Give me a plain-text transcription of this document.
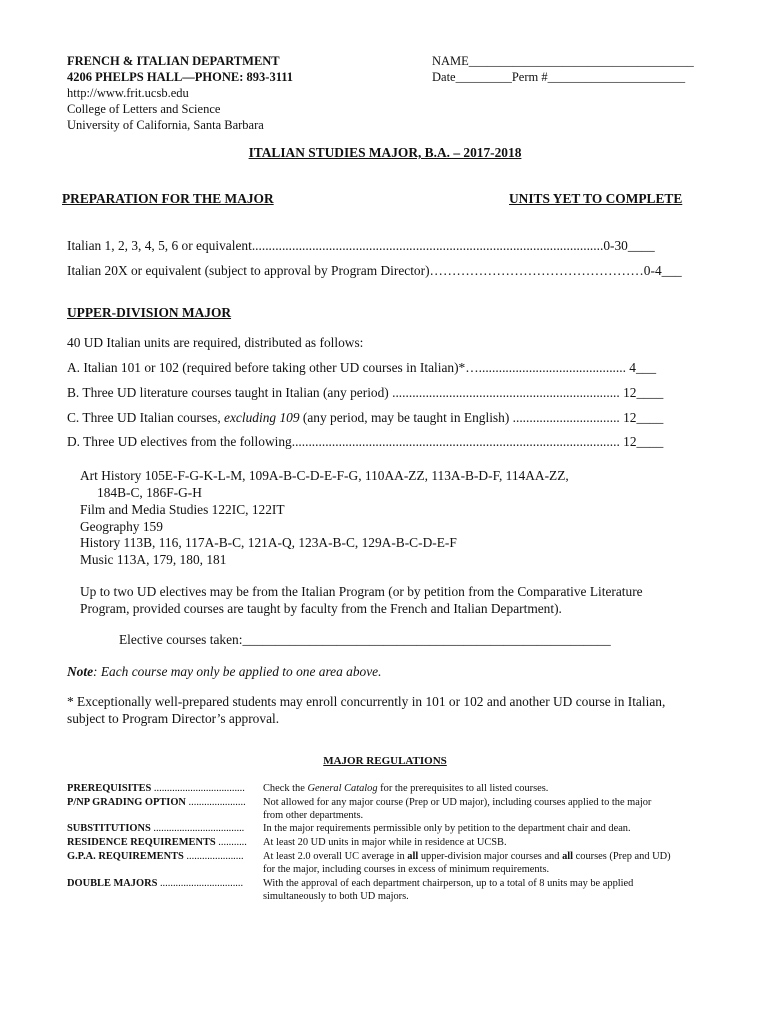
FRENCH & ITALIAN DEPARTMENT
4206 PHELPS HALL—PHONE: 893-3111
http://www.frit.ucsb.edu
College of Letters and Science
University of California, Santa Barbara
NAME____________________________________
Date_________Perm #______________________
ITALIAN STUDIES MAJOR, B.A. – 2017-2018
PREPARATION FOR THE MAJOR	UNITS YET TO COMPLETE
Italian 1, 2, 3, 4, 5, 6 or equivalent.........................................................................................................0-30____
Italian 20X or equivalent (subject to approval by Program Director)…………………………………………0-4___
UPPER-DIVISION MAJOR
40 UD Italian units are required, distributed as follows:
A. Italian 101 or 102 (required before taking other UD courses in Italian)*…............................................ 4___
B. Three UD literature courses taught in Italian (any period) .................................................................... 12____
C. Three UD Italian courses, excluding 109 (any period, may be taught in English) ................................ 12____
D. Three UD electives from the following.................................................................................................. 12____
Art History 105E-F-G-K-L-M, 109A-B-C-D-E-F-G, 110AA-ZZ, 113A-B-D-F, 114AA-ZZ,
184B-C, 186F-G-H
Film and Media Studies 122IC, 122IT
Geography 159
History 113B, 116, 117A-B-C, 121A-Q, 123A-B-C, 129A-B-C-D-E-F
Music 113A, 179, 180, 181
Up to two UD electives may be from the Italian Program (or by petition from the Comparative Literature
Program, provided courses are taught by faculty from the French and Italian Department).
Elective courses taken:_______________________________________________________
Note: Each course may only be applied to one area above.
* Exceptionally well-prepared students may enroll concurrently in 101 or 102 and another UD course in Italian,
subject to Program Director’s approval.
MAJOR REGULATIONS
PREREQUISITES ...................................	Check the General Catalog for the prerequisites to all listed courses.
P/NP GRADING OPTION ......................	Not allowed for any major course (Prep or UD major), including courses applied to the major
from other departments.
SUBSTITUTIONS ...................................	In the major requirements permissible only by petition to the department chair and dean.
RESIDENCE REQUIREMENTS ...........	At least 20 UD units in major while in residence at UCSB.
G.P.A. REQUIREMENTS ......................	At least 2.0 overall UC average in all upper-division major courses and all courses (Prep and UD)
for the major, including courses in excess of minimum requirements.
DOUBLE MAJORS ................................	With the approval of each department chairperson, up to a total of 8 units may be applied
simultaneously to both UD majors.
